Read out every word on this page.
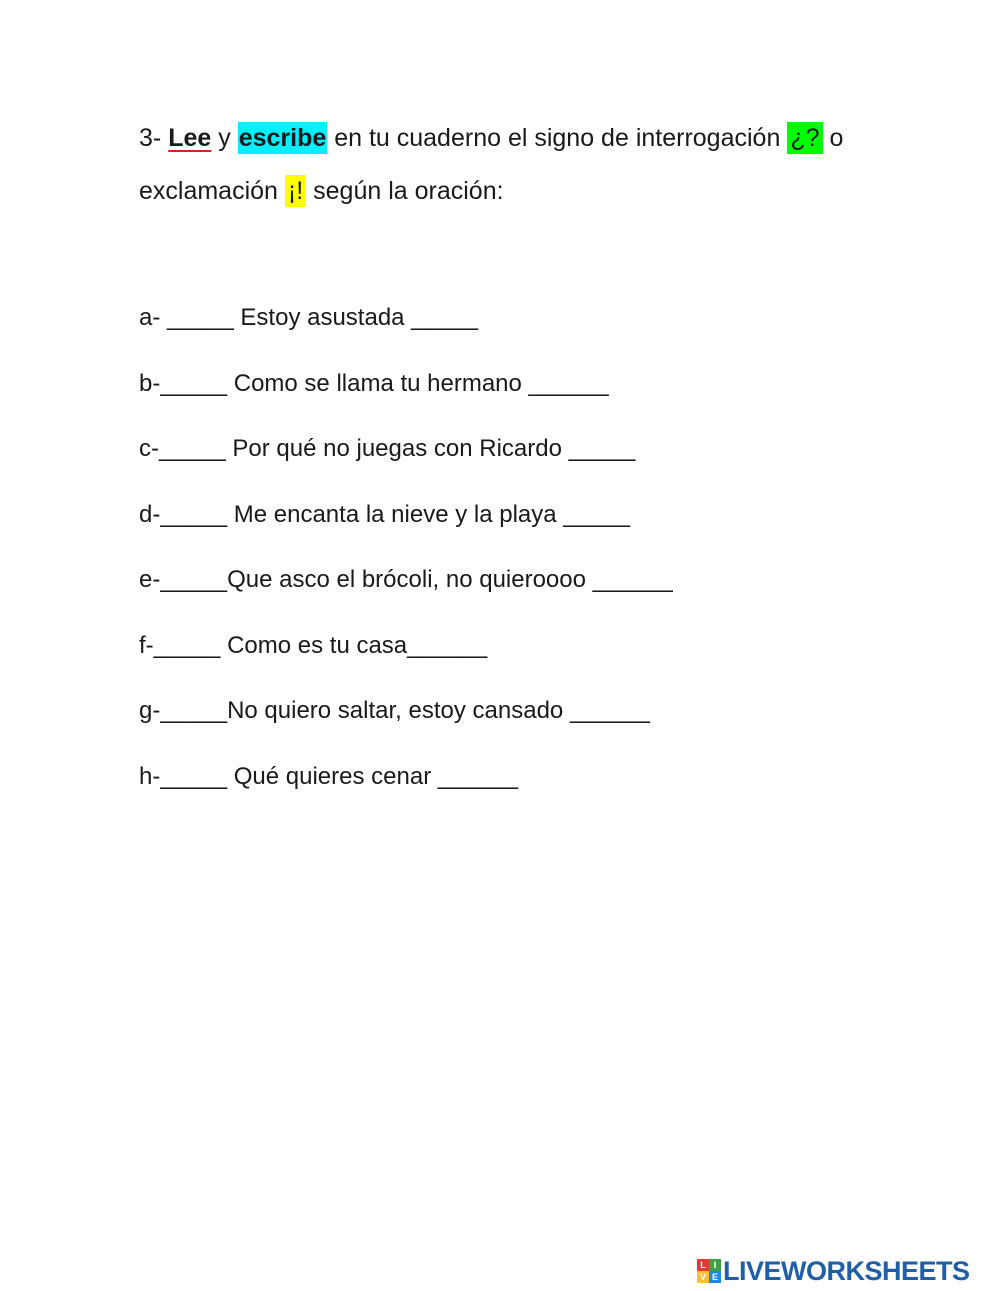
3- Lee y escribe en tu cuaderno el signo de interrogación ¿? o
exclamación ¡! según la oración:

a- _____ Estoy asustada _____
b-_____ Como se llama tu hermano ______
c-_____ Por qué no juegas con Ricardo _____
d-_____ Me encanta la nieve y la playa _____
e-_____Que asco el brócoli, no quieroooo ______
f-_____ Como es tu casa______
g-_____No quiero saltar, estoy cansado ______
h-_____ Qué quieres cenar ______
L I
V E LIVEWORKSHEETS
